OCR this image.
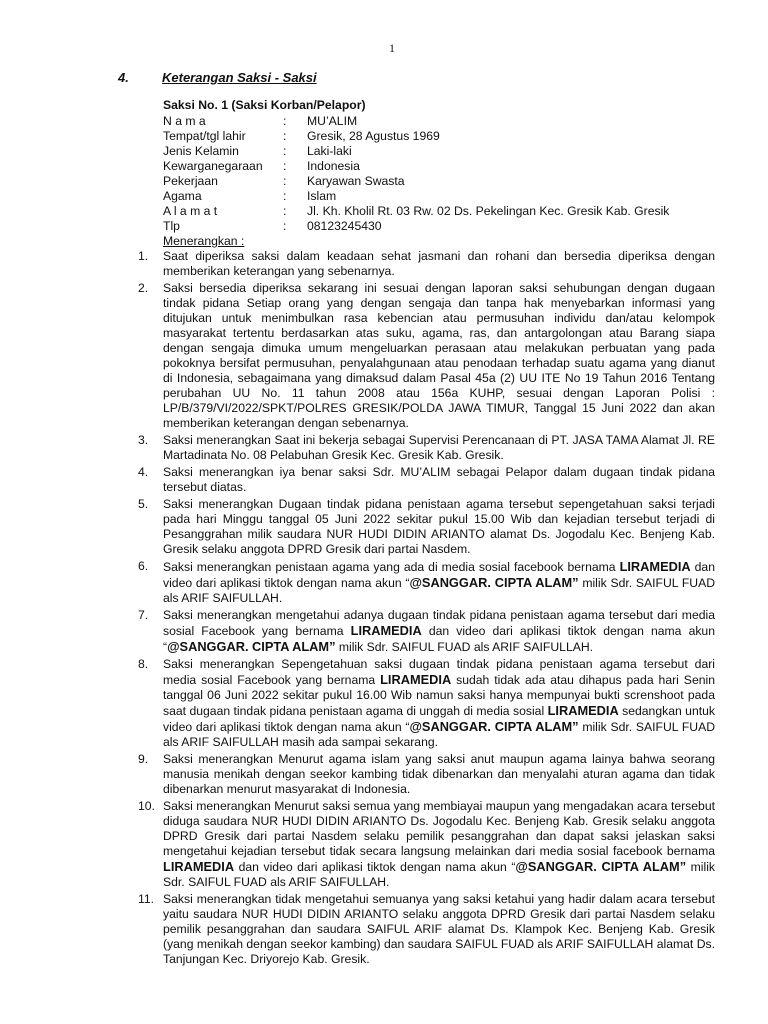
1
4.	Keterangan Saksi - Saksi
Saksi No. 1 (Saksi Korban/Pelapor)
N a m a	:	MU’ALIM
Tempat/tgl lahir	:	Gresik, 28 Agustus 1969
Jenis Kelamin	:	Laki-laki
Kewarganegaraan	:	Indonesia
Pekerjaan	:	Karyawan Swasta
Agama	:	Islam
A l a m a t	:	Jl. Kh. Kholil Rt. 03 Rw. 02 Ds. Pekelingan Kec. Gresik Kab. Gresik
Tlp	:	08123245430
Menerangkan :
1.	Saat diperiksa saksi dalam keadaan sehat jasmani dan rohani dan bersedia diperiksa dengan memberikan keterangan yang sebenarnya.
2.	Saksi bersedia diperiksa sekarang ini sesuai dengan laporan saksi sehubungan dengan dugaan tindak pidana Setiap orang yang dengan sengaja dan tanpa hak menyebarkan informasi yang ditujukan untuk menimbulkan rasa kebencian atau permusuhan individu dan/atau kelompok masyarakat tertentu berdasarkan atas suku, agama, ras, dan antargolongan atau Barang siapa dengan sengaja dimuka umum mengeluarkan perasaan atau melakukan perbuatan yang pada pokoknya bersifat permusuhan, penyalahgunaan atau penodaan terhadap suatu agama yang dianut di Indonesia, sebagaimana yang dimaksud dalam Pasal 45a (2) UU ITE No 19 Tahun 2016 Tentang perubahan UU No. 11 tahun 2008 atau 156a KUHP, sesuai dengan Laporan Polisi : LP/B/379/VI/2022/SPKT/POLRES GRESIK/POLDA JAWA TIMUR, Tanggal 15 Juni 2022 dan akan memberikan keterangan dengan sebenarnya.
3.	Saksi menerangkan Saat ini bekerja sebagai Supervisi Perencanaan di PT. JASA TAMA Alamat Jl. RE Martadinata No. 08 Pelabuhan Gresik Kec. Gresik Kab. Gresik.
4.	Saksi menerangkan iya benar saksi Sdr. MU’ALIM sebagai Pelapor dalam dugaan tindak pidana tersebut diatas.
5.	Saksi menerangkan Dugaan tindak pidana penistaan agama tersebut sepengetahuan saksi terjadi pada hari Minggu tanggal 05 Juni 2022 sekitar pukul 15.00 Wib dan kejadian tersebut terjadi di Pesanggrahan milik saudara NUR HUDI DIDIN ARIANTO alamat Ds. Jogodalu Kec. Benjeng Kab. Gresik selaku anggota DPRD Gresik dari partai Nasdem.
6.	Saksi menerangkan penistaan agama yang ada di media sosial facebook bernama LIRAMEDIA dan video dari aplikasi tiktok dengan nama akun “@SANGGAR. CIPTA ALAM” milik Sdr. SAIFUL FUAD als ARIF SAIFULLAH.
7.	Saksi menerangkan mengetahui adanya dugaan tindak pidana penistaan agama tersebut dari media sosial Facebook yang bernama LIRAMEDIA dan video dari aplikasi tiktok dengan nama akun “@SANGGAR. CIPTA ALAM” milik Sdr. SAIFUL FUAD als ARIF SAIFULLAH.
8.	Saksi menerangkan Sepengetahuan saksi dugaan tindak pidana penistaan agama tersebut dari media sosial Facebook yang bernama LIRAMEDIA sudah tidak ada atau dihapus pada hari Senin tanggal 06 Juni 2022 sekitar pukul 16.00 Wib namun saksi hanya mempunyai bukti screnshoot pada saat dugaan tindak pidana penistaan agama di unggah di media sosial LIRAMEDIA sedangkan untuk video dari aplikasi tiktok dengan nama akun “@SANGGAR. CIPTA ALAM” milik Sdr. SAIFUL FUAD als ARIF SAIFULLAH masih ada sampai sekarang.
9.	Saksi menerangkan Menurut agama islam yang saksi anut maupun agama lainya bahwa seorang manusia menikah dengan seekor kambing tidak dibenarkan dan menyalahi aturan agama dan tidak dibenarkan menurut masyarakat di Indonesia.
10. Saksi menerangkan Menurut saksi semua yang membiayai maupun yang mengadakan acara tersebut diduga saudara NUR HUDI DIDIN ARIANTO Ds. Jogodalu Kec. Benjeng Kab. Gresik selaku anggota DPRD Gresik dari partai Nasdem selaku pemilik pesanggrahan dan dapat saksi jelaskan saksi mengetahui kejadian tersebut tidak secara langsung melainkan dari media sosial facebook bernama LIRAMEDIA dan video dari aplikasi tiktok dengan nama akun “@SANGGAR. CIPTA ALAM” milik Sdr. SAIFUL FUAD als ARIF SAIFULLAH.
11. Saksi menerangkan tidak mengetahui semuanya yang saksi ketahui yang hadir dalam acara tersebut yaitu saudara NUR HUDI DIDIN ARIANTO selaku anggota DPRD Gresik dari partai Nasdem selaku pemilik pesanggrahan dan saudara SAIFUL ARIF alamat Ds. Klampok Kec. Benjeng Kab. Gresik (yang menikah dengan seekor kambing) dan saudara SAIFUL FUAD als ARIF SAIFULLAH alamat Ds. Tanjungan Kec. Driyorejo Kab. Gresik.
